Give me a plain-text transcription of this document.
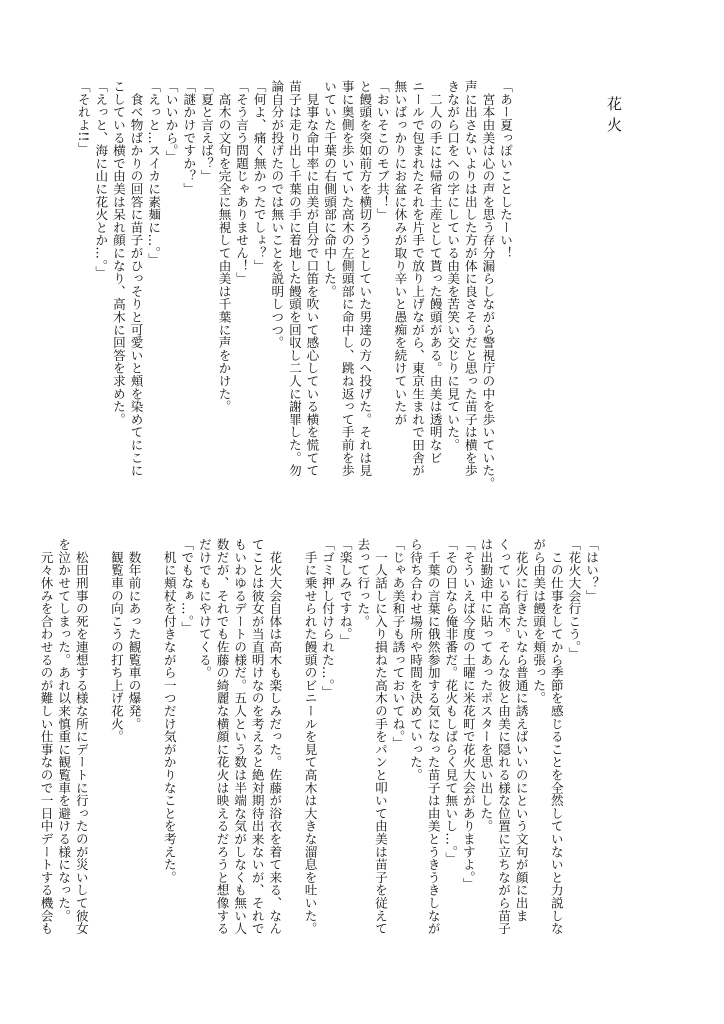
花火
「あー夏っぽいことしたーい！
　宮本由美は心の声を思う存分漏らしながら警視庁の中を歩いていた。
声に出さないよりは出した方が体に良さそうだと思った苗子は横を歩
きながら口をへの字にしている由美を苦笑い交じりに見ていた。
　二人の手には帰省土産として貰った饅頭がある。由美は透明なビ
ニールで包まれたそれを片手で放り上げながら、東京生まれで田舎が
無いばっかりにお盆に休みが取り辛いと愚痴を続けていたが
「おいそこのモブ共！」
と饅頭を突如前方を横切ろうとしていた男達の方へ投げた。それは見
事に奥側を歩いていた高木の左側頭部に命中し、跳ね返って手前を歩
いていた千葉の右側頭部に命中した。
　見事な命中率に由美が自分で口笛を吹いて感心している横を慌てて
苗子は走り出し千葉の手に着地した饅頭を回収し二人に謝罪した。勿
論自分が投げたのでは無いことを説明しつつ。
「何よ、痛く無かったでしょ？」
「そう言う問題じゃありません！」
　高木の文句を完全に無視して由美は千葉に声をかけた。
「夏と言えば？」
「謎かけですか？」
「いいから。」
「えっと…スイカに素麺に…。」
　食べ物ばかりの回答に苗子がひっそりと可愛いと頬を染めてにこに
こしている横で由美は呆れ顔になり、高木に回答を求めた。
「えっと、海に山に花火とか…。」
「それよ!!」
「はい？」
「花火大会行こう。」
　この仕事をしてから季節を感じることを全然していないと力説しな
がら由美は饅頭を頬張った。
　花火に行きたいなら普通に誘えばいいのにという文句が顔に出ま
くっている高木。そんな彼と由美に隠れる様な位置に立ちながら苗子
は出勤途中に貼ってあったポスターを思い出した。
「そういえば今度の土曜に米花町で花火大会がありますよ。」
「その日なら俺非番だ。花火もしばらく見て無いし…。」
　千葉の言葉に俄然参加する気になった苗子は由美とうきうきしなが
ら待ち合わせ場所や時間を決めていった。
「じゃあ美和子も誘っておいてね。」
　一人話しに入り損ねた高木の手をパンと叩いて由美は苗子を従えて
去って行った。
「楽しみですね。」
「ゴミ押し付けられた…。」
　手に乗せられた饅頭のビニールを見て高木は大きな溜息を吐いた。

　花火大会自体は高木も楽しみだった。佐藤が浴衣を着て来る、なん
てことは彼女が当直明けなのを考えると絶対期待出来ないが、それで
もいわゆるデートの様だ。五人という数は半端な気がしなくも無い人
数だが、それでも佐藤の綺麗な横顔に花火は映えるだろうと想像する
だけでもにやけてくる。
「でもなぁ…。」
　机に頬杖を付きながら一つだけ気がかりなことを考えた。

　数年前にあった観覧車の爆発。
　観覧車の向こうの打ち上げ花火。

　松田刑事の死を連想する様な所にデートに行ったのが災いして彼女
を泣かせてしまった。あれ以来慎重に観覧車を避ける様になった。
　元々休みを合わせるのが難しい仕事なので一日中デートする機会も
